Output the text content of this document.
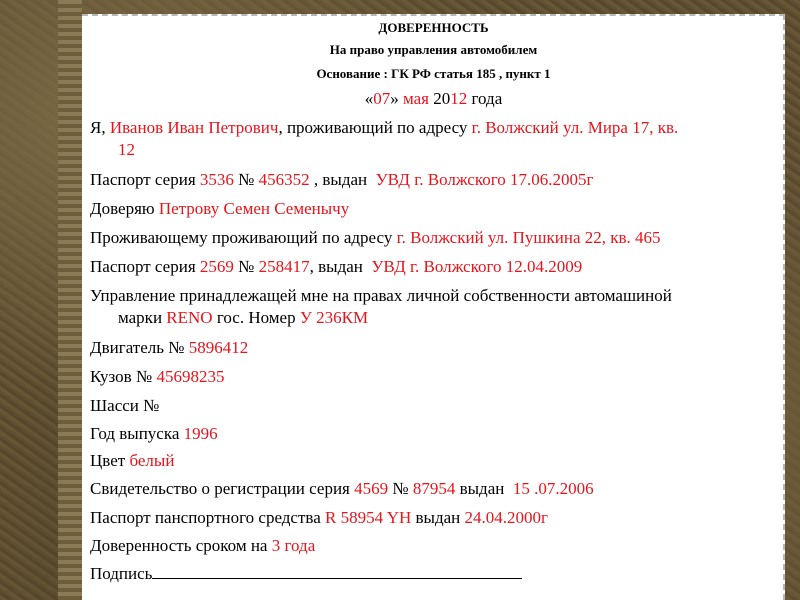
ДОВЕРЕННОСТЬ
На право управления автомобилем
Основание : ГК РФ статья 185 , пункт 1
«07» мая 2012 года
Я, Иванов Иван Петрович, проживающий по адресу г. Волжский ул. Мира 17, кв.
12
Паспорт серия 3536 № 456352 , выдан УВД г. Волжского 17.06.2005г
Доверяю Петрову Семен Семенычу
Проживающему проживающий по адресу г. Волжский ул. Пушкина 22, кв. 465
Паспорт серия 2569 № 258417, выдан УВД г. Волжского 12.04.2009
Управление принадлежащей мне на правах личной собственности автомашиной
марки RENO гос. Номер У 236КМ
Двигатель № 5896412
Кузов № 45698235
Шасси №
Год выпуска 1996
Цвет белый
Свидетельство о регистрации серия 4569 № 87954 выдан 15 .07.2006
Паспорт панспортного средства R 58954 YH выдан 24.04.2000г
Доверенность сроком на 3 года
Подпись
